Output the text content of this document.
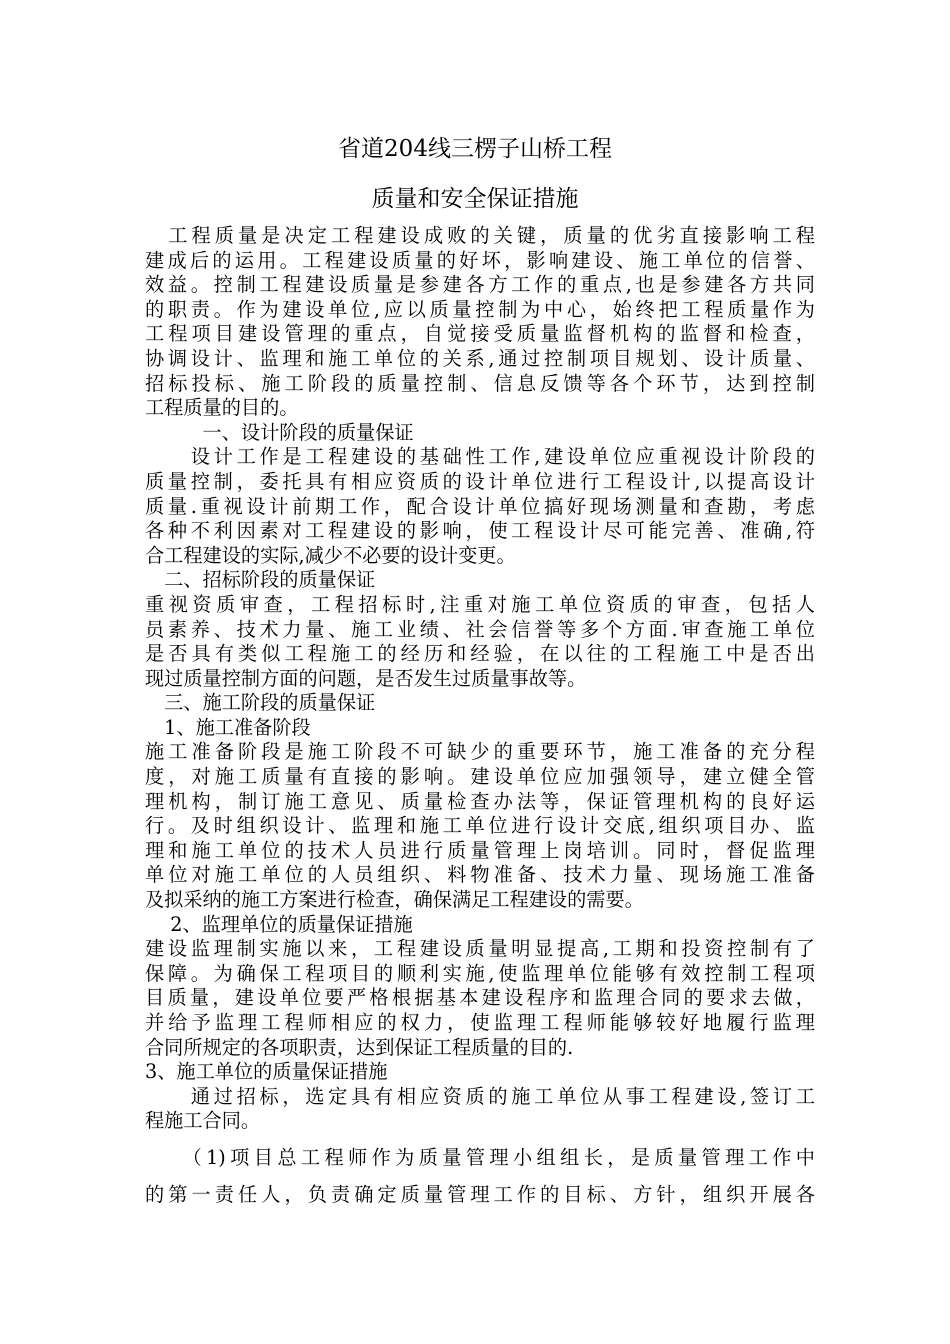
省道204线三楞子山桥工程
质量和安全保证措施
　工程质量是决定工程建设成败的关键，质量的优劣直接影响工程
建成后的运用。工程建设质量的好坏，影响建设、施工单位的信誉、
效益。控制工程建设质量是参建各方工作的重点,也是参建各方共同
的职责。作为建设单位,应以质量控制为中心，始终把工程质量作为
工程项目建设管理的重点，自觉接受质量监督机构的监督和检查，
协调设计、监理和施工单位的关系,通过控制项目规划、设计质量、
招标投标、施工阶段的质量控制、信息反馈等各个环节，达到控制
工程质量的目的。
　　　一、设计阶段的质量保证
　　设计工作是工程建设的基础性工作,建设单位应重视设计阶段的
质量控制，委托具有相应资质的设计单位进行工程设计,以提高设计
质量.重视设计前期工作，配合设计单位搞好现场测量和查勘，考虑
各种不利因素对工程建设的影响，使工程设计尽可能完善、准确,符
合工程建设的实际,减少不必要的设计变更。
　二、招标阶段的质量保证
重视资质审查，工程招标时,注重对施工单位资质的审查，包括人
员素养、技术力量、施工业绩、社会信誉等多个方面.审查施工单位
是否具有类似工程施工的经历和经验，在以往的工程施工中是否出
现过质量控制方面的问题，是否发生过质量事故等。
　三、施工阶段的质量保证
　1、施工准备阶段
施工准备阶段是施工阶段不可缺少的重要环节，施工准备的充分程
度，对施工质量有直接的影响。建设单位应加强领导，建立健全管
理机构，制订施工意见、质量检查办法等，保证管理机构的良好运
行。及时组织设计、监理和施工单位进行设计交底,组织项目办、监
理和施工单位的技术人员进行质量管理上岗培训。同时，督促监理
单位对施工单位的人员组织、料物准备、技术力量、现场施工准备
及拟采纳的施工方案进行检查，确保满足工程建设的需要。
　 2、监理单位的质量保证措施
建设监理制实施以来，工程建设质量明显提高,工期和投资控制有了
保障。为确保工程项目的顺利实施,使监理单位能够有效控制工程项
目质量，建设单位要严格根据基本建设程序和监理合同的要求去做，
并给予监理工程师相应的权力，使监理工程师能够较好地履行监理
合同所规定的各项职责，达到保证工程质量的目的.
3、施工单位的质量保证措施
　　通过招标，选定具有相应资质的施工单位从事工程建设,签订工
程施工合同。
　　（1)项目总工程师作为质量管理小组组长，是质量管理工作中
的第一责任人，负责确定质量管理工作的目标、方针，组织开展各
